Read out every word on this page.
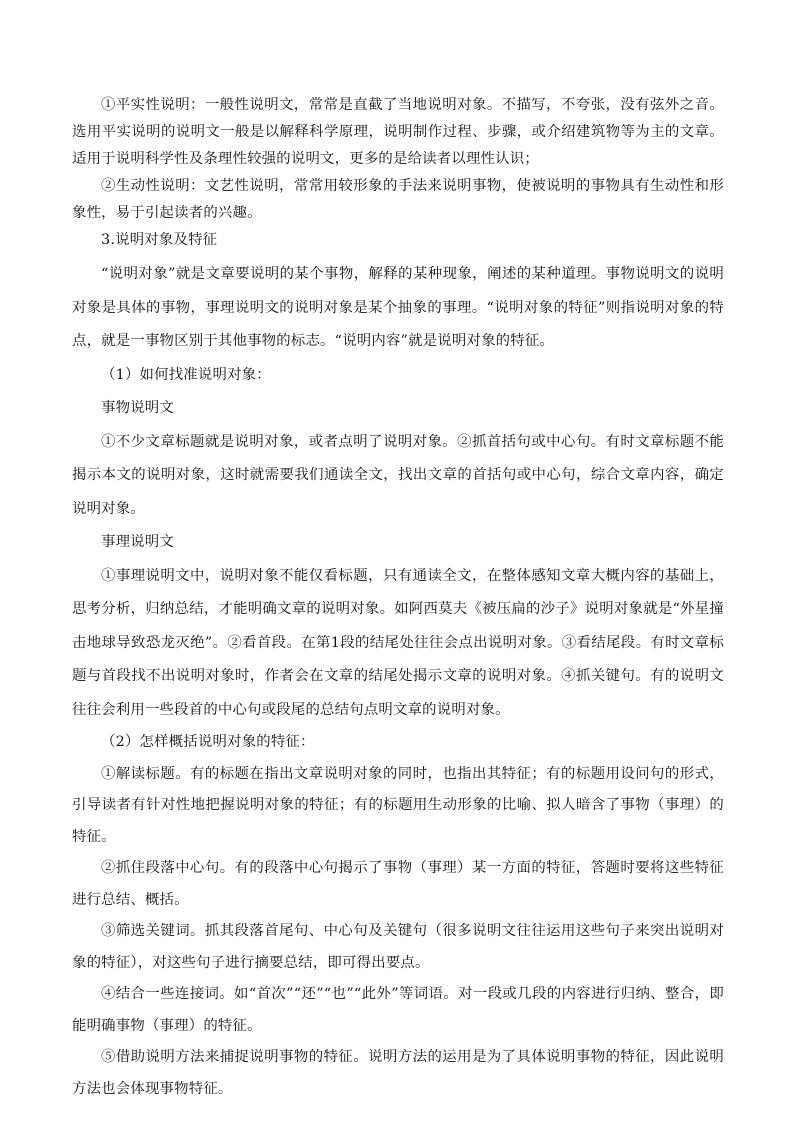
①平实性说明：一般性说明文，常常是直截了当地说明对象。不描写，不夸张，没有弦外之音。选用平实说明的说明文一般是以解释科学原理，说明制作过程、步骤，或介绍建筑物等为主的文章。适用于说明科学性及条理性较强的说明文，更多的是给读者以理性认识；

②生动性说明：文艺性说明，常常用较形象的手法来说明事物，使被说明的事物具有生动性和形象性，易于引起读者的兴趣。

3.说明对象及特征

“说明对象”就是文章要说明的某个事物，解释的某种现象，阐述的某种道理。事物说明文的说明对象是具体的事物，事理说明文的说明对象是某个抽象的事理。“说明对象的特征”则指说明对象的特点，就是一事物区别于其他事物的标志。“说明内容”就是说明对象的特征。

（1）如何找准说明对象：

事物说明文

①不少文章标题就是说明对象，或者点明了说明对象。②抓首括句或中心句。有时文章标题不能揭示本文的说明对象，这时就需要我们通读全文，找出文章的首括句或中心句，综合文章内容，确定说明对象。

事理说明文

①事理说明文中，说明对象不能仅看标题，只有通读全文，在整体感知文章大概内容的基础上，思考分析，归纳总结，才能明确文章的说明对象。如阿西莫夫《被压扁的沙子》说明对象就是“外星撞击地球导致恐龙灭绝”。②看首段。在第1段的结尾处往往会点出说明对象。③看结尾段。有时文章标题与首段找不出说明对象时，作者会在文章的结尾处揭示文章的说明对象。④抓关键句。有的说明文往往会利用一些段首的中心句或段尾的总结句点明文章的说明对象。

（2）怎样概括说明对象的特征：

①解读标题。有的标题在指出文章说明对象的同时，也指出其特征；有的标题用设问句的形式，引导读者有针对性地把握说明对象的特征；有的标题用生动形象的比喻、拟人暗含了事物（事理）的特征。

②抓住段落中心句。有的段落中心句揭示了事物（事理）某一方面的特征，答题时要将这些特征进行总结、概括。

③筛选关键词。抓其段落首尾句、中心句及关键句（很多说明文往往运用这些句子来突出说明对象的特征），对这些句子进行摘要总结，即可得出要点。

④结合一些连接词。如“首次”“还”“也”“此外”等词语。对一段或几段的内容进行归纳、整合，即能明确事物（事理）的特征。

⑤借助说明方法来捕捉说明事物的特征。说明方法的运用是为了具体说明事物的特征，因此说明方法也会体现事物特征。
